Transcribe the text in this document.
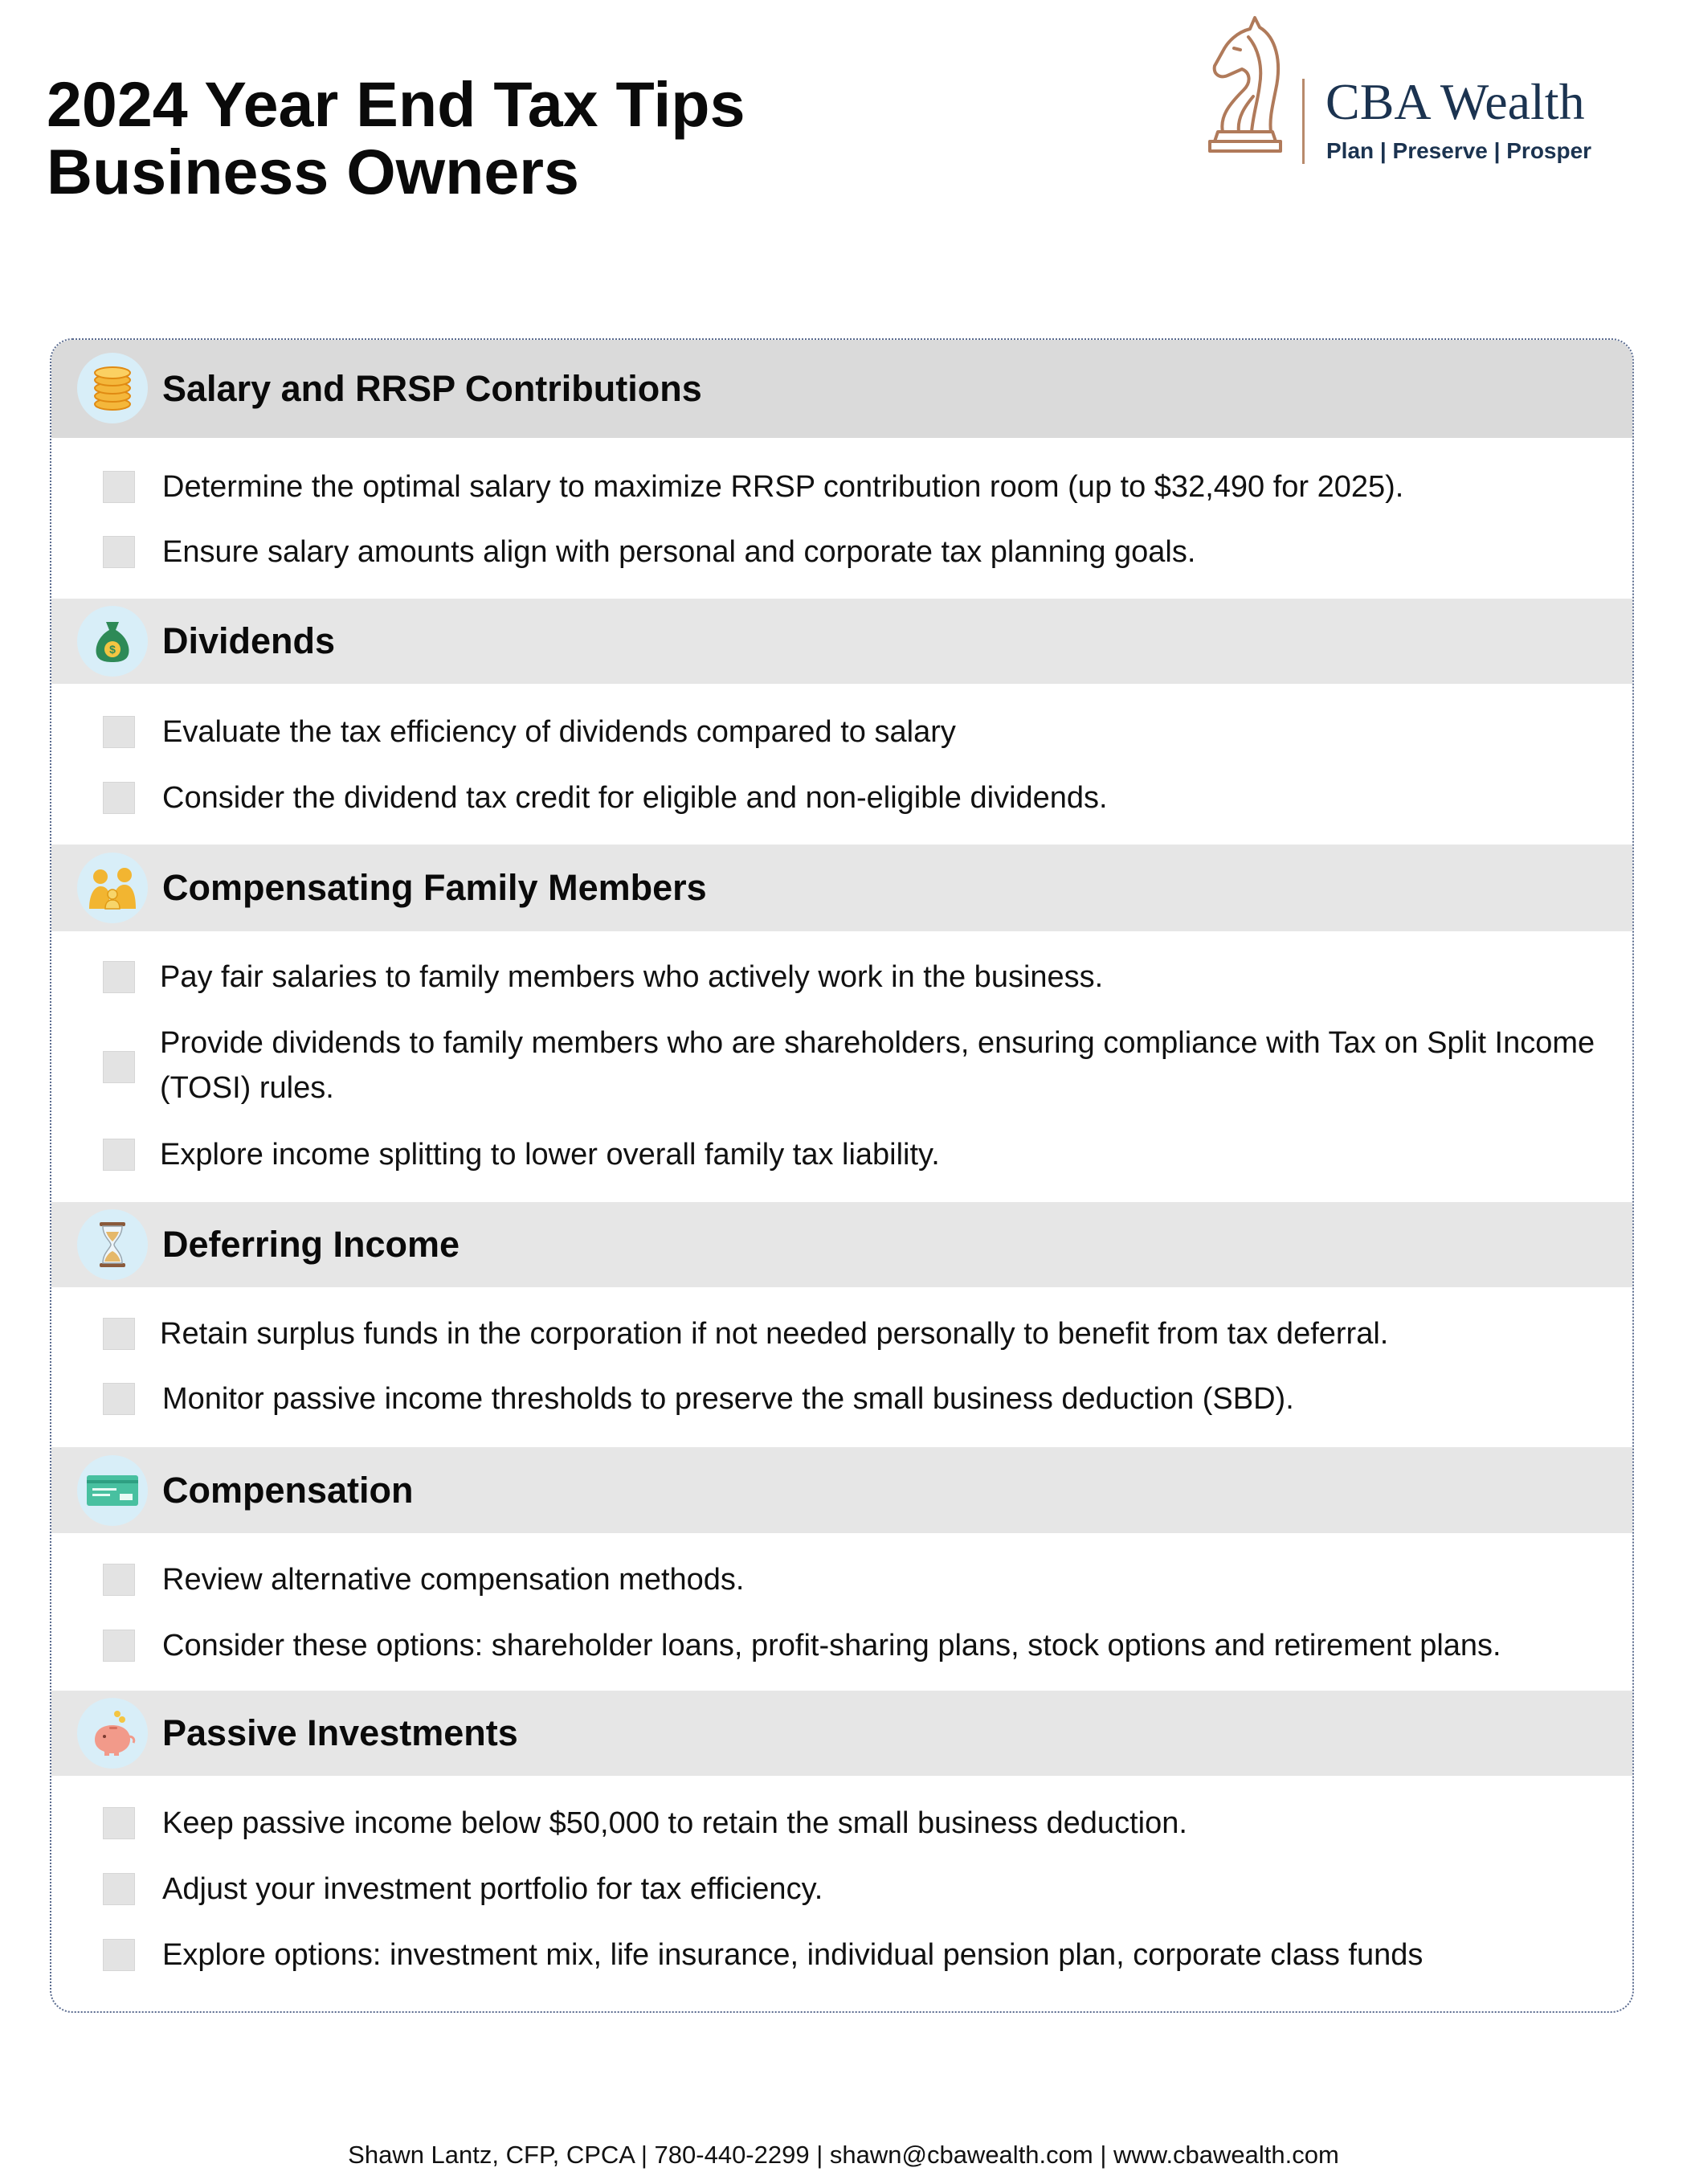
2024 Year End Tax Tips
Business Owners
CBA Wealth
Plan | Preserve | Prosper
Salary and RRSP Contributions
Determine the optimal salary to maximize RRSP contribution room (up to $32,490 for 2025).
Ensure salary amounts align with personal and corporate tax planning goals.
$ Dividends
Evaluate the tax efficiency of dividends compared to salary
Consider the dividend tax credit for eligible and non-eligible dividends.
Compensating Family Members
Pay fair salaries to family members who actively work in the business.
Provide dividends to family members who are shareholders, ensuring compliance with Tax on Split Income (TOSI) rules.
Explore income splitting to lower overall family tax liability.
Deferring Income
Retain surplus funds in the corporation if not needed personally to benefit from tax deferral.
Monitor passive income thresholds to preserve the small business deduction (SBD).
Compensation
Review alternative compensation methods.
Consider these options: shareholder loans, profit-sharing plans, stock options and retirement plans.
Passive Investments
Keep passive income below $50,000 to retain the small business deduction.
Adjust your investment portfolio for tax efficiency.
Explore options: investment mix, life insurance, individual pension plan, corporate class funds
Shawn Lantz, CFP, CPCA | 780-440-2299 | shawn@cbawealth.com | www.cbawealth.com
